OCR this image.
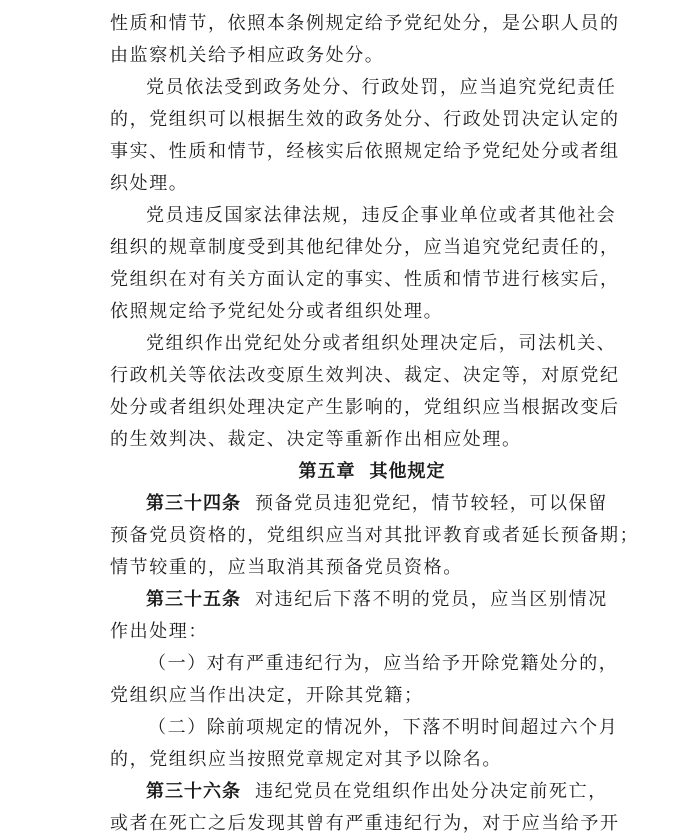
性质和情节，依照本条例规定给予党纪处分，是公职人员的
由监察机关给予相应政务处分。
党员依法受到政务处分、行政处罚，应当追究党纪责任
的，党组织可以根据生效的政务处分、行政处罚决定认定的
事实、性质和情节，经核实后依照规定给予党纪处分或者组
织处理。
党员违反国家法律法规，违反企事业单位或者其他社会
组织的规章制度受到其他纪律处分，应当追究党纪责任的，
党组织在对有关方面认定的事实、性质和情节进行核实后，
依照规定给予党纪处分或者组织处理。
党组织作出党纪处分或者组织处理决定后，司法机关、
行政机关等依法改变原生效判决、裁定、决定等，对原党纪
处分或者组织处理决定产生影响的，党组织应当根据改变后
的生效判决、裁定、决定等重新作出相应处理。
第五章 其他规定
第三十四条 预备党员违犯党纪，情节较轻，可以保留
预备党员资格的，党组织应当对其批评教育或者延长预备期；
情节较重的，应当取消其预备党员资格。
第三十五条 对违纪后下落不明的党员，应当区别情况
作出处理：
（一）对有严重违纪行为，应当给予开除党籍处分的，
党组织应当作出决定，开除其党籍；
（二）除前项规定的情况外，下落不明时间超过六个月
的，党组织应当按照党章规定对其予以除名。
第三十六条 违纪党员在党组织作出处分决定前死亡，
或者在死亡之后发现其曾有严重违纪行为，对于应当给予开
